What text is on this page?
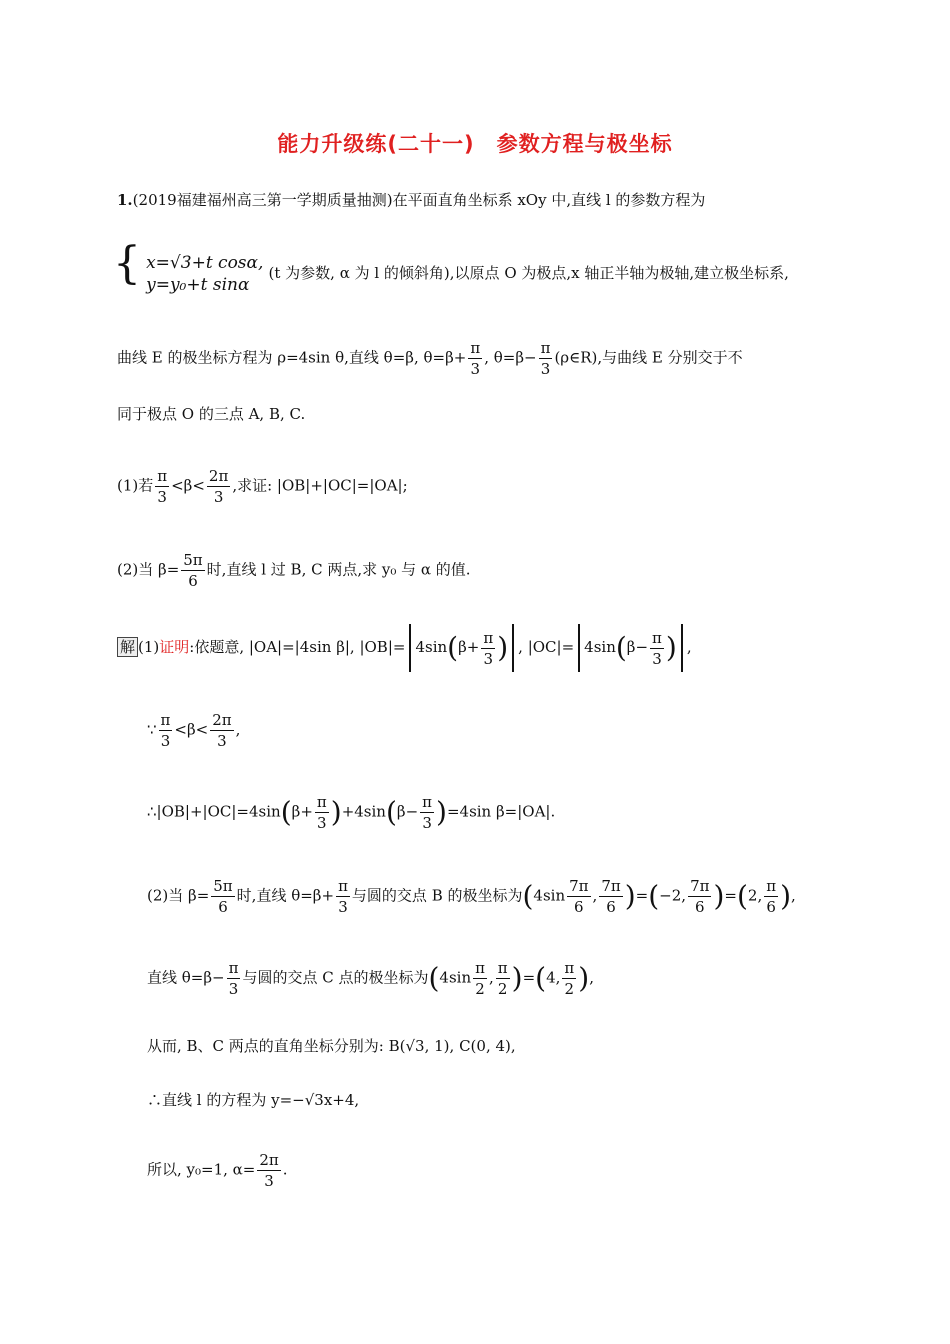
能力升级练(二十一)　参数方程与极坐标
1.(2019福建福州高三第一学期质量抽测)在平面直角坐标系 xOy 中,直线 l 的参数方程为
{ x=√3+t cosα,
y=y₀+t sinα (t 为参数, α 为 l 的倾斜角),以原点 O 为极点,x 轴正半轴为极轴,建立极坐标系,
曲线 E 的极坐标方程为 ρ=4sin θ,直线 θ=β, $\theta=\beta+ \frac{\pi}{3}$ , $\theta=\beta- \frac{\pi}{3}$ (ρ∈R),与曲线 E 分别交于不
同于极点 O 的三点 A, B, C.
(1)若 $\frac{\pi}{3} <\beta< \frac{2\pi}{3}$ ,求证: |OB|+|OC|=|OA|;
(2)当 $\beta= \frac{5\pi}{6}$ 时,直线 l 过 B, C 两点,求 y₀ 与 α 的值.
解 (1)证明:依题意, |OA|=|4sin β|, $|OB|= 4\sin(\beta+ \frac{\pi}{3}$ ) , $|OC|= 4\sin(\beta- \frac{\pi}{3}$ ) ,
∵ $\frac{\pi}{3} <\beta< \frac{2\pi}{3}$ ,
∴|OB|+|OC|=4sin(β+ $\frac{\pi}{3} )+4\sin(\beta- \frac{\pi}{3} )=4\sin$ β=|OA|.
(2)当 $\beta= \frac{5\pi}{6}$ 时,直线 $\theta=\beta+ \frac{\pi}{3}$ 与圆的交点 B 的极坐标为($4\sin \frac{7\pi}{6}$ , $\frac{7\pi}{6} )=(-2$, $\frac{7\pi}{6} )=(2$, $\frac{\pi}{6}$ ),
直线 $\theta=\beta- \frac{\pi}{3}$ 与圆的交点 C 点的极坐标为($4\sin \frac{\pi}{2}$ , $\frac{\pi}{2} )=(4$, $\frac{\pi}{2}$ ),
从而, B、C 两点的直角坐标分别为: B(√3, 1), C(0, 4),
∴直线 l 的方程为 y=−√3x+4,
所以, y₀=1, $\alpha= \frac{2\pi}{3}$ .
